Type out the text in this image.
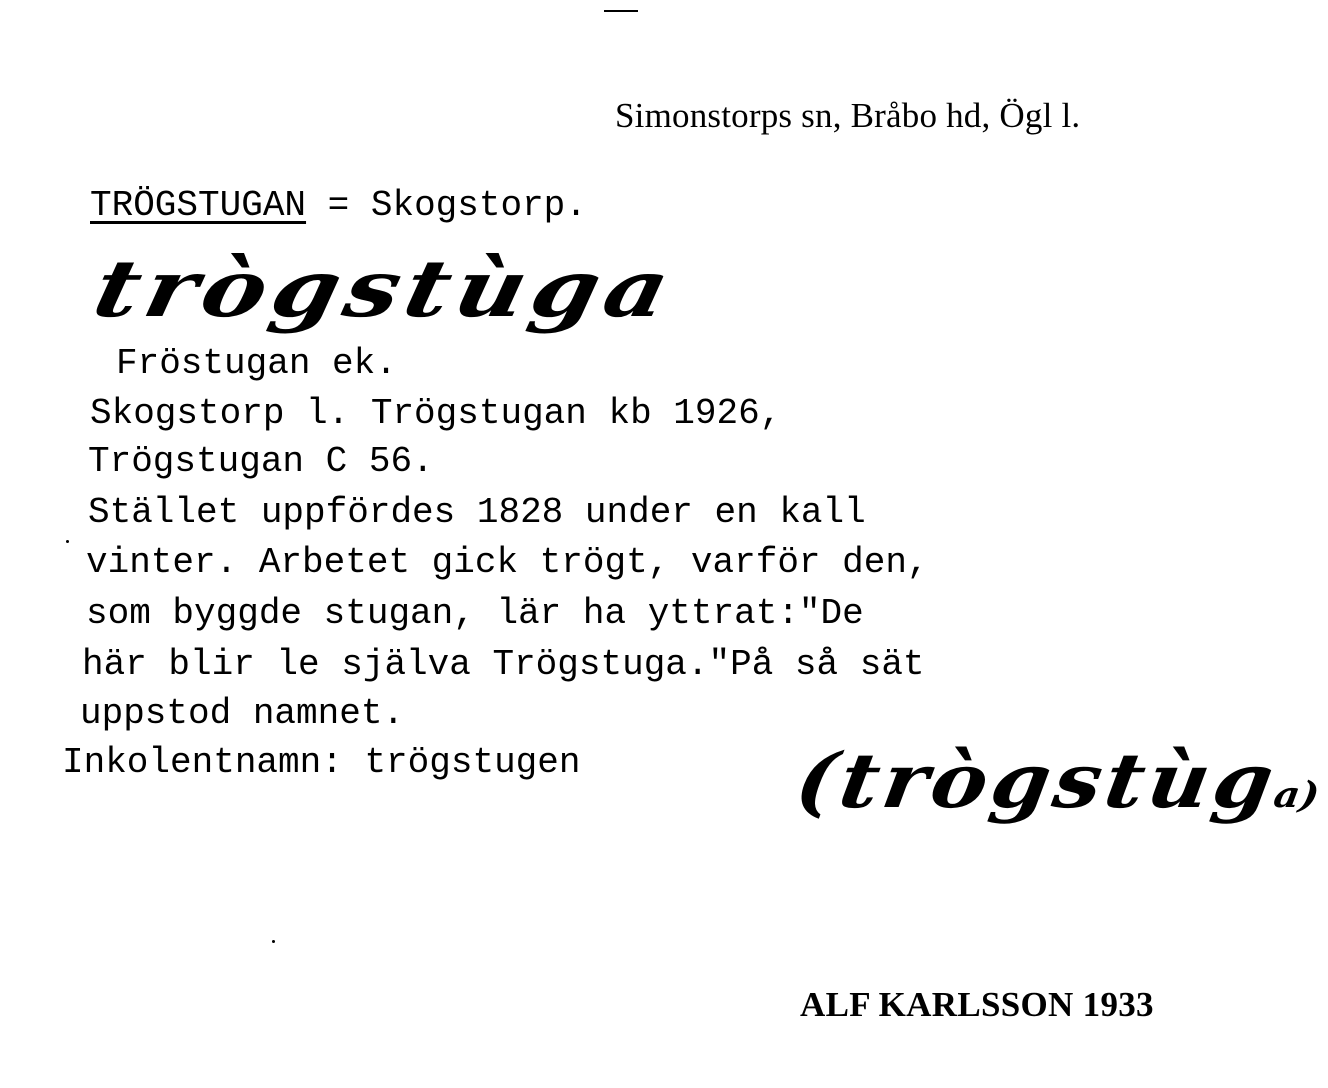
Simonstorps sn, Bråbo hd, Ögl l.
TRÖGSTUGAN = Skogstorp.
trògstùga
Fröstugan ek.
Skogstorp l. Trögstugan kb 1926,
Trögstugan C 56.
Stället uppfördes 1828 under en kall
vinter. Arbetet gick trögt, varför den,
som byggde stugan, lär ha yttrat:"De
här blir le själva Trögstuga."På så sät
uppstod namnet.
Inkolentnamn: trögstugen (trògstùga)
ALF KARLSSON 1933
